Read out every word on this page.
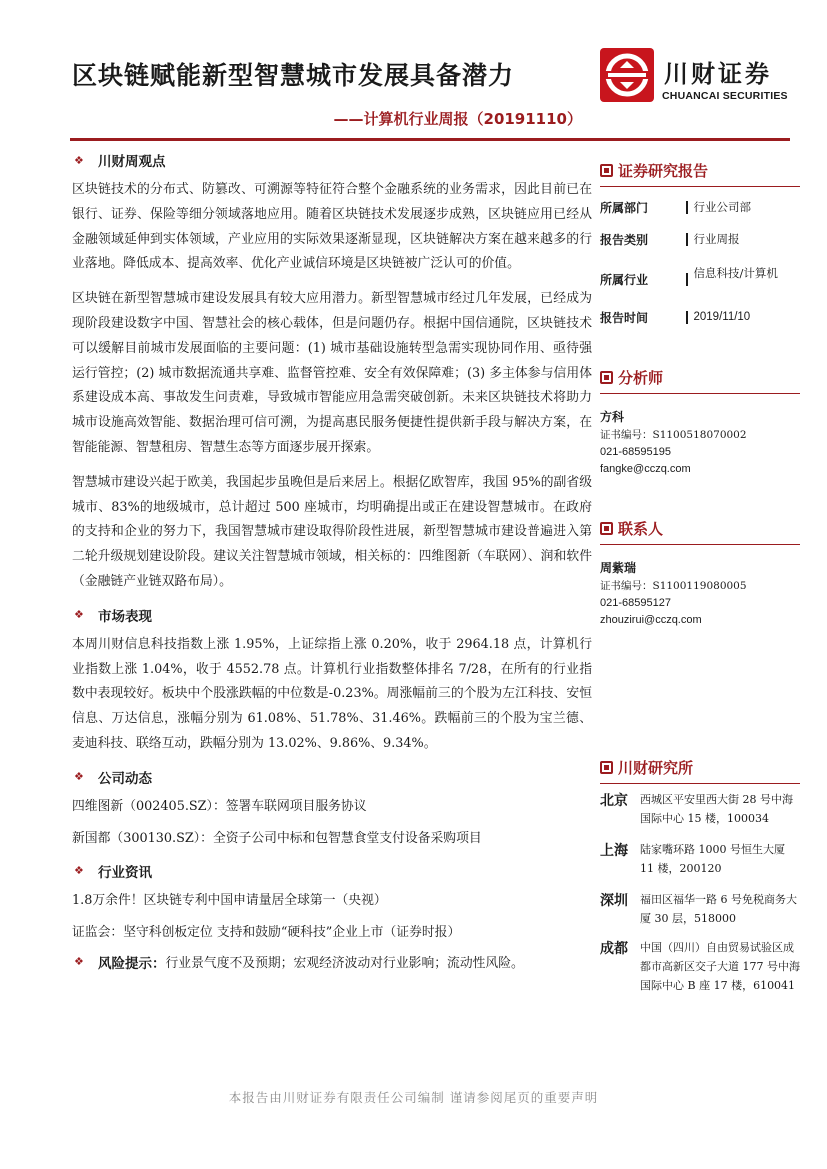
区块链赋能新型智慧城市发展具备潜力
——计算机行业周报（20191110）
川财证券
CHUANCAI SECURITIES
❖	川财周观点

区块链技术的分布式、防篡改、可溯源等特征符合整个金融系统的业务需求，因此目前已在银行、证券、保险等细分领域落地应用。随着区块链技术发展逐步成熟，区块链应用已经从金融领域延伸到实体领域，产业应用的实际效果逐渐显现，区块链解决方案在越来越多的行业落地。降低成本、提高效率、优化产业诚信环境是区块链被广泛认可的价值。

区块链在新型智慧城市建设发展具有较大应用潜力。新型智慧城市经过几年发展，已经成为现阶段建设数字中国、智慧社会的核心载体，但是问题仍存。根据中国信通院，区块链技术可以缓解目前城市发展面临的主要问题：(1) 城市基础设施转型急需实现协同作用、亟待强运行管控；(2) 城市数据流通共享难、监督管控难、安全有效保障难；(3) 多主体参与信用体系建设成本高、事故发生问责难，导致城市智能应用急需突破创新。未来区块链技术将助力城市设施高效智能、数据治理可信可溯，为提高惠民服务便捷性提供新手段与解决方案，在智能能源、智慧租房、智慧生态等方面逐步展开探索。

智慧城市建设兴起于欧美，我国起步虽晚但是后来居上。根据亿欧智库，我国 95%的副省级城市、83%的地级城市，总计超过 500 座城市，均明确提出或正在建设智慧城市。在政府的支持和企业的努力下，我国智慧城市建设取得阶段性进展，新型智慧城市建设普遍进入第二轮升级规划建设阶段。建议关注智慧城市领域，相关标的：四维图新（车联网）、润和软件（金融链产业链双路布局）。

❖	市场表现

本周川财信息科技指数上涨 1.95%，上证综指上涨 0.20%，收于 2964.18 点，计算机行业指数上涨 1.04%，收于 4552.78 点。计算机行业指数整体排名 7/28，在所有的行业指数中表现较好。板块中个股涨跌幅的中位数是-0.23%。周涨幅前三的个股为左江科技、安恒信息、万达信息，涨幅分别为 61.08%、51.78%、31.46%。跌幅前三的个股为宝兰德、麦迪科技、联络互动，跌幅分别为 13.02%、9.86%、9.34%。

❖	公司动态
四维图新（002405.SZ）：签署车联网项目服务协议
新国都（300130.SZ）：全资子公司中标和包智慧食堂支付设备采购项目
❖	行业资讯
1.8万余件！区块链专利中国申请量居全球第一（央视）
证监会：坚守科创板定位 支持和鼓励“硬科技”企业上市（证券时报）
❖	风险提示： 行业景气度不及预期；宏观经济波动对行业影响；流动性风险。
证券研究报告
所属部门	行业公司部
报告类别	行业周报
所属行业	信息科技/计算机
报告时间	2019/11/10
分析师
方科
证书编号：S1100518070002
021-68595195
fangke@cczq.com
联系人
周紫瑞
证书编号：S1100119080005
021-68595127
zhouzirui@cczq.com
川财研究所
北京	西城区平安里西大街 28 号中海国际中心 15 楼，100034
上海	陆家嘴环路 1000 号恒生大厦 11 楼，200120
深圳	福田区福华一路 6 号免税商务大厦 30 层，518000
成都	中国（四川）自由贸易试验区成都市高新区交子大道 177 号中海国际中心 B 座 17 楼，610041
本报告由川财证券有限责任公司编制 谨请参阅尾页的重要声明
